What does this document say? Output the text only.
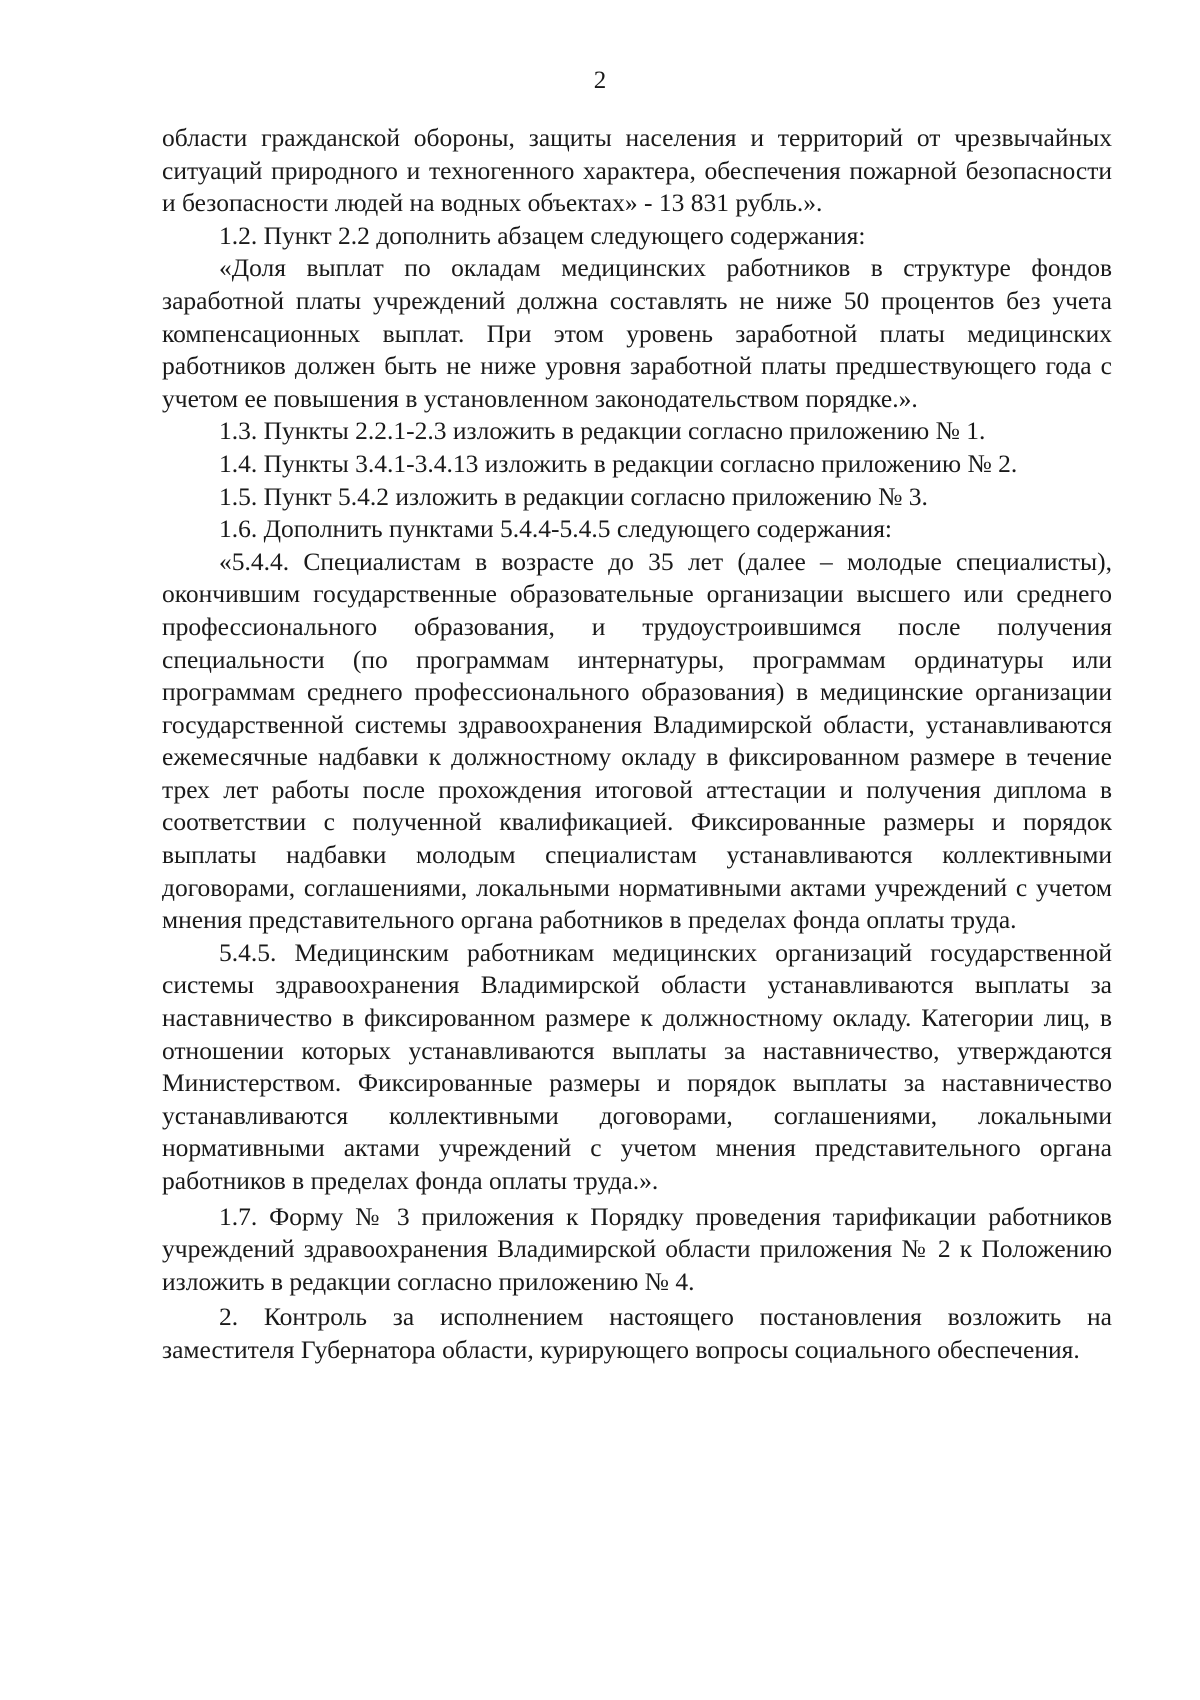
2

области гражданской обороны, защиты населения и территорий от чрезвычайных ситуаций природного и техногенного характера, обеспечения пожарной безопасности и безопасности людей на водных объектах» - 13 831 рубль.».

1.2. Пункт 2.2 дополнить абзацем следующего содержания:

«Доля выплат по окладам медицинских работников в структуре фондов заработной платы учреждений должна составлять не ниже 50 процентов без учета компенсационных выплат. При этом уровень заработной платы медицинских работников должен быть не ниже уровня заработной платы предшествующего года с учетом ее повышения в установленном законодательством порядке.».

1.3. Пункты 2.2.1-2.3 изложить в редакции согласно приложению № 1.

1.4. Пункты 3.4.1-3.4.13 изложить в редакции согласно приложению № 2.

1.5. Пункт 5.4.2 изложить в редакции согласно приложению № 3.

1.6. Дополнить пунктами 5.4.4-5.4.5 следующего содержания:

«5.4.4. Специалистам в возрасте до 35 лет (далее – молодые специалисты), окончившим государственные образовательные организации высшего или среднего профессионального образования, и трудоустроившимся после получения специальности (по программам интернатуры, программам ординатуры или программам среднего профессионального образования) в медицинские организации государственной системы здравоохранения Владимирской области, устанавливаются ежемесячные надбавки к должностному окладу в фиксированном размере в течение трех лет работы после прохождения итоговой аттестации и получения диплома в соответствии с полученной квалификацией. Фиксированные размеры и порядок выплаты надбавки молодым специалистам устанавливаются коллективными договорами, соглашениями, локальными нормативными актами учреждений с учетом мнения представительного органа работников в пределах фонда оплаты труда.

5.4.5. Медицинским работникам медицинских организаций государственной системы здравоохранения Владимирской области устанавливаются выплаты за наставничество в фиксированном размере к должностному окладу. Категории лиц, в отношении которых устанавливаются выплаты за наставничество, утверждаются Министерством. Фиксированные размеры и порядок выплаты за наставничество устанавливаются коллективными договорами, соглашениями, локальными нормативными актами учреждений с учетом мнения представительного органа работников в пределах фонда оплаты труда.».

1.7. Форму № 3 приложения к Порядку проведения тарификации работников учреждений здравоохранения Владимирской области приложения № 2 к Положению изложить в редакции согласно приложению № 4.

2. Контроль за исполнением настоящего постановления возложить на заместителя Губернатора области, курирующего вопросы социального обеспечения.
